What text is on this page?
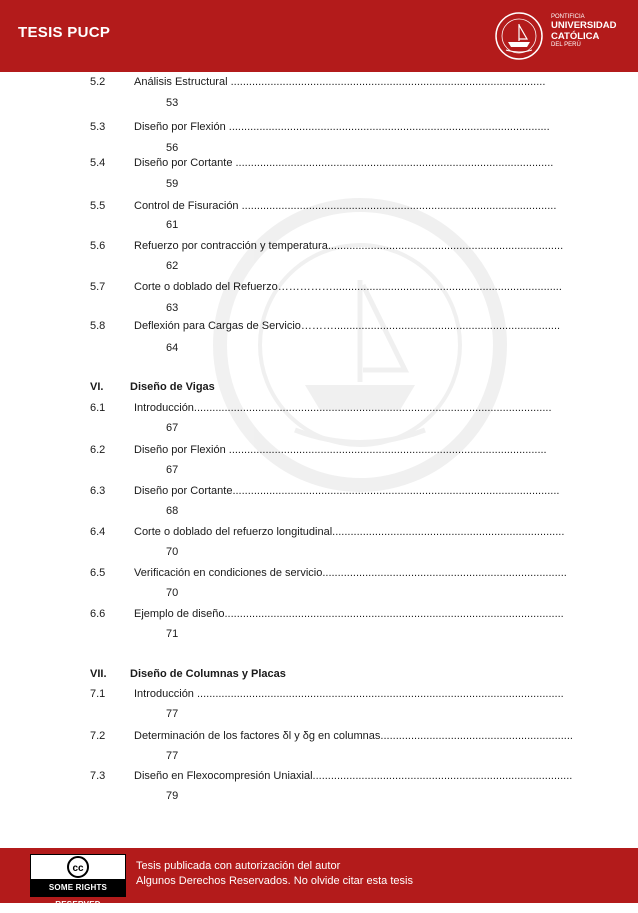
TESIS PUCP
PONTIFICIA
UNIVERSIDAD
CATÓLICA
DEL PERÚ
5.2	Análisis Estructural .......................................................................................................
53
5.3	Diseño por Flexión .........................................................................................................
56
5.4	Diseño por Cortante ........................................................................................................
59
5.5	Control de Fisuración .......................................................................................................
61
5.6	Refuerzo por contracción y temperatura.............................................................................
62
5.7	Corte o doblado del Refuerzo……………...........................................................................
63
5.8	Deflexión para Cargas de Servicio………..........................................................................
64
VI. Diseño de Vigas
6.1	Introducción.....................................................................................................................
67
6.2	Diseño por Flexión ........................................................................................................
67
6.3	Diseño por Cortante...........................................................................................................
68
6.4	Corte o doblado del refuerzo longitudinal............................................................................
70
6.5	Verificación en condiciones de servicio................................................................................
70
6.6	Ejemplo de diseño...............................................................................................................
71
VII. Diseño de Columnas y Placas
7.1	Introducción ........................................................................................................................
77
7.2	Determinación de los factores δl y δg en columnas...............................................................
77
7.3	Diseño en Flexocompresión Uniaxial.....................................................................................
79
cc
SOME RIGHTS RESERVED
Tesis publicada con autorización del autor
Algunos Derechos Reservados. No olvide citar esta tesis
